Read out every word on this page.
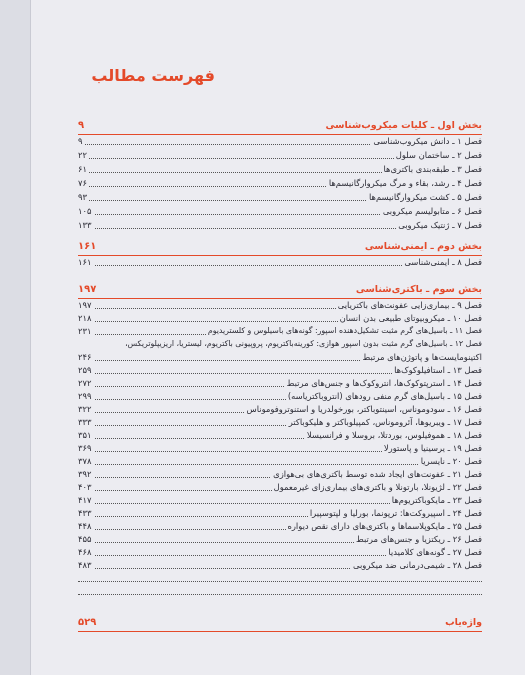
فهرست مطالب
بخش اول ـ کلیات میکروب‌شناسی
۹
فصل ۱ ـ دانش میکروب‌شناسی
۹
فصل ۲ ـ ساختمان سلول
۲۲
فصل ۳ ـ طبقه‌بندی باکتری‌ها
۶۱
فصل ۴ ـ رشد، بقاء و مرگ میکروارگانیسم‌ها
۷۶
فصل ۵ ـ کشت میکروارگانیسم‌ها
۹۳
فصل ۶ ـ متابولیسم میکروبی
۱۰۵
فصل ۷ ـ ژنتیک میکروبی
۱۳۳
بخش دوم ـ ایمنی‌شناسی
۱۶۱
فصل ۸ ـ ایمنی‌شناسی
۱۶۱
بخش سوم ـ باکتری‌شناسی
۱۹۷
فصل ۹ ـ بیماری‌زایی عفونت‌های باکتریایی
۱۹۷
فصل ۱۰ ـ میکروبیوتای طبیعی بدن انسان
۲۱۸
فصل ۱۱ ـ باسیل‌های گرم مثبت تشکیل‌دهنده اسپور: گونه‌های باسیلوس و کلستریدیوم
۲۳۱
فصل ۱۲ ـ باسیل‌های گرم مثبت بدون اسپور هوازی: کورینه‌باکتریوم، پروپیونی باکتریوم، لیستریا، اریزیپلوتریکس،
اکتینومایست‌ها و پاتوژن‌های مرتبط
۲۴۶
فصل ۱۳ ـ استافیلوکوک‌ها
۲۵۹
فصل ۱۴ ـ استرپتوکوک‌ها، انتروکوک‌ها و جنس‌های مرتبط
۲۷۲
فصل ۱۵ ـ باسیل‌های گرم منفی رودهای (انتروباکتریاسه)
۲۹۹
فصل ۱۶ ـ سودوموناس، اسینتوباکتر، بورخولدریا و استنوتروفوموناس
۳۲۲
فصل ۱۷ ـ ویبریوها، آئروموناس، کمپیلوباکتر و هلیکوباکتر
۳۳۳
فصل ۱۸ ـ هموفیلوس، بوردتلا، بروسلا و فرانسیسلا
۳۵۱
فصل ۱۹ ـ یرسینیا و پاستورلا
۳۶۹
فصل ۲۰ ـ نایسریا
۳۷۸
فصل ۲۱ ـ عفونت‌های ایجاد شده توسط باکتری‌های بی‌هوازی
۳۹۲
فصل ۲۲ ـ لژیونلا، بارتونلا و باکتری‌های بیماری‌زای غیرمعمول
۴۰۳
فصل ۲۳ ـ مایکوباکتریوم‌ها
۴۱۷
فصل ۲۴ ـ اسپیروکت‌ها: ترپونما، بورلیا و لپتوسپیرا
۴۳۳
فصل ۲۵ ـ مایکوپلاسماها و باکتری‌های دارای نقص دیواره
۴۴۸
فصل ۲۶ ـ ریکتزیا و جنس‌های مرتبط
۴۵۵
فصل ۲۷ ـ گونه‌های کلامیدیا
۴۶۸
فصل ۲۸ ـ شیمی‌درمانی ضد میکروبی
۴۸۳
واژه‌یاب
۵۲۹
